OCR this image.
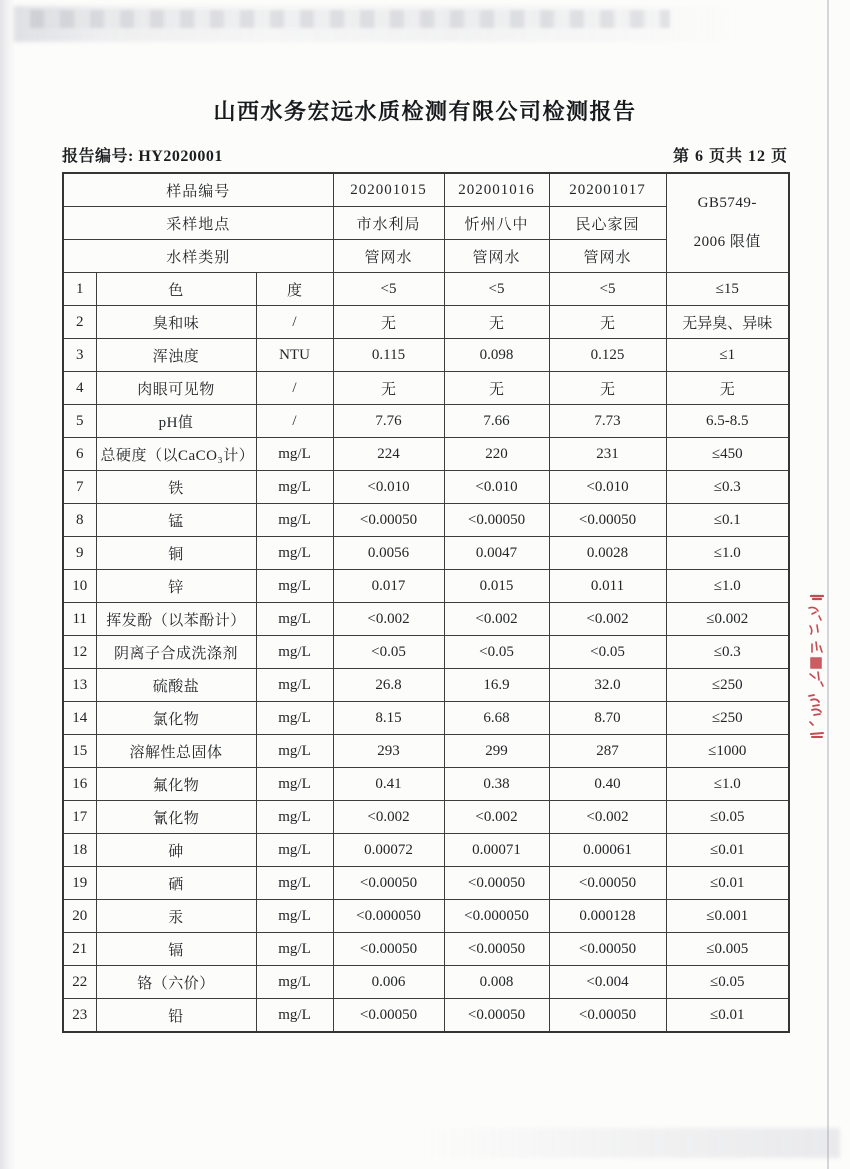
山西水务宏远水质检测有限公司检测报告
报告编号: HY2020001	第 6 页共 12 页
样品编号			202001015	202001016	202001017	GB5749-
2006 限值

采样地点			市水利局	忻州八中	民心家园	
水样类别			管网水	管网水	管网水	
1	色	度	<5	<5	<5	≤15
2	臭和味	/	无	无	无	无异臭、异味
3	浑浊度	NTU	0.115	0.098	0.125	≤1
4	肉眼可见物	/	无	无	无	无
5	pH值	/	7.76	7.66	7.73	6.5-8.5
6	总硬度（以CaCO₃计）	mg/L	224	220	231	≤450
7	铁	mg/L	<0.010	<0.010	<0.010	≤0.3
8	锰	mg/L	<0.00050	<0.00050	<0.00050	≤0.1
9	铜	mg/L	0.0056	0.0047	0.0028	≤1.0
10	锌	mg/L	0.017	0.015	0.011	≤1.0
11	挥发酚（以苯酚计）	mg/L	<0.002	<0.002	<0.002	≤0.002
12	阴离子合成洗涤剂	mg/L	<0.05	<0.05	<0.05	≤0.3
13	硫酸盐	mg/L	26.8	16.9	32.0	≤250
14	氯化物	mg/L	8.15	6.68	8.70	≤250
15	溶解性总固体	mg/L	293	299	287	≤1000
16	氟化物	mg/L	0.41	0.38	0.40	≤1.0
17	氰化物	mg/L	<0.002	<0.002	<0.002	≤0.05
18	砷	mg/L	0.00072	0.00071	0.00061	≤0.01
19	硒	mg/L	<0.00050	<0.00050	<0.00050	≤0.01
20	汞	mg/L	<0.000050	<0.000050	0.000128	≤0.001
21	镉	mg/L	<0.00050	<0.00050	<0.00050	≤0.005
22	铬（六价）	mg/L	0.006	0.008	<0.004	≤0.05
23	铅	mg/L	<0.00050	<0.00050	<0.00050	≤0.01
